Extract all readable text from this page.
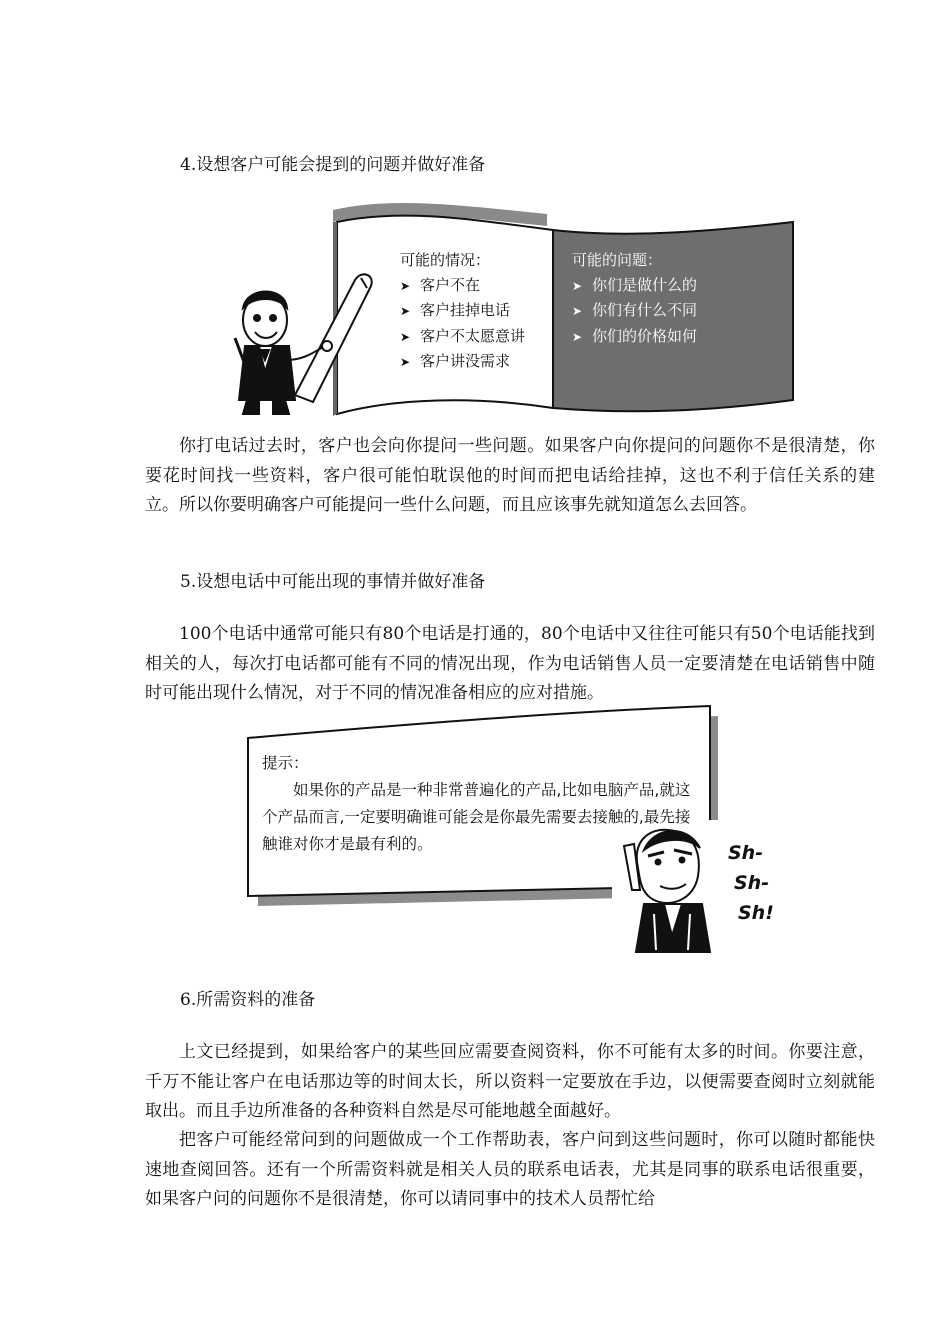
4.设想客户可能会提到的问题并做好准备
可能的情况：
➤ 客户不在
➤ 客户挂掉电话
➤ 客户不太愿意讲
➤ 客户讲没需求
可能的问题：
➤ 你们是做什么的
➤ 你们有什么不同
➤ 你们的价格如何

你打电话过去时，客户也会向你提问一些问题。如果客户向你提问的问题你不是很清楚，你要花时间找一些资料，客户很可能怕耽误他的时间而把电话给挂掉，这也不利于信任关系的建立。所以你要明确客户可能提问一些什么问题，而且应该事先就知道怎么去回答。

5.设想电话中可能出现的事情并做好准备

100个电话中通常可能只有80个电话是打通的，80个电话中又往往可能只有50个电话能找到相关的人，每次打电话都可能有不同的情况出现，作为电话销售人员一定要清楚在电话销售中随时可能出现什么情况，对于不同的情况准备相应的应对措施。

提示：

如果你的产品是一种非常普遍化的产品,比如电脑产品,就这个产品而言,一定要明确谁可能会是你最先需要去接触的,最先接触谁对你才是最有利的。	Sh-
Sh-
Sh!
6.所需资料的准备

上文已经提到，如果给客户的某些回应需要查阅资料，你不可能有太多的时间。你要注意，千万不能让客户在电话那边等的时间太长，所以资料一定要放在手边，以便需要查阅时立刻就能取出。而且手边所准备的各种资料自然是尽可能地越全面越好。

把客户可能经常问到的问题做成一个工作帮助表，客户问到这些问题时，你可以随时都能快速地查阅回答。还有一个所需资料就是相关人员的联系电话表，尤其是同事的联系电话很重要，如果客户问的问题你不是很清楚，你可以请同事中的技术人员帮忙给
